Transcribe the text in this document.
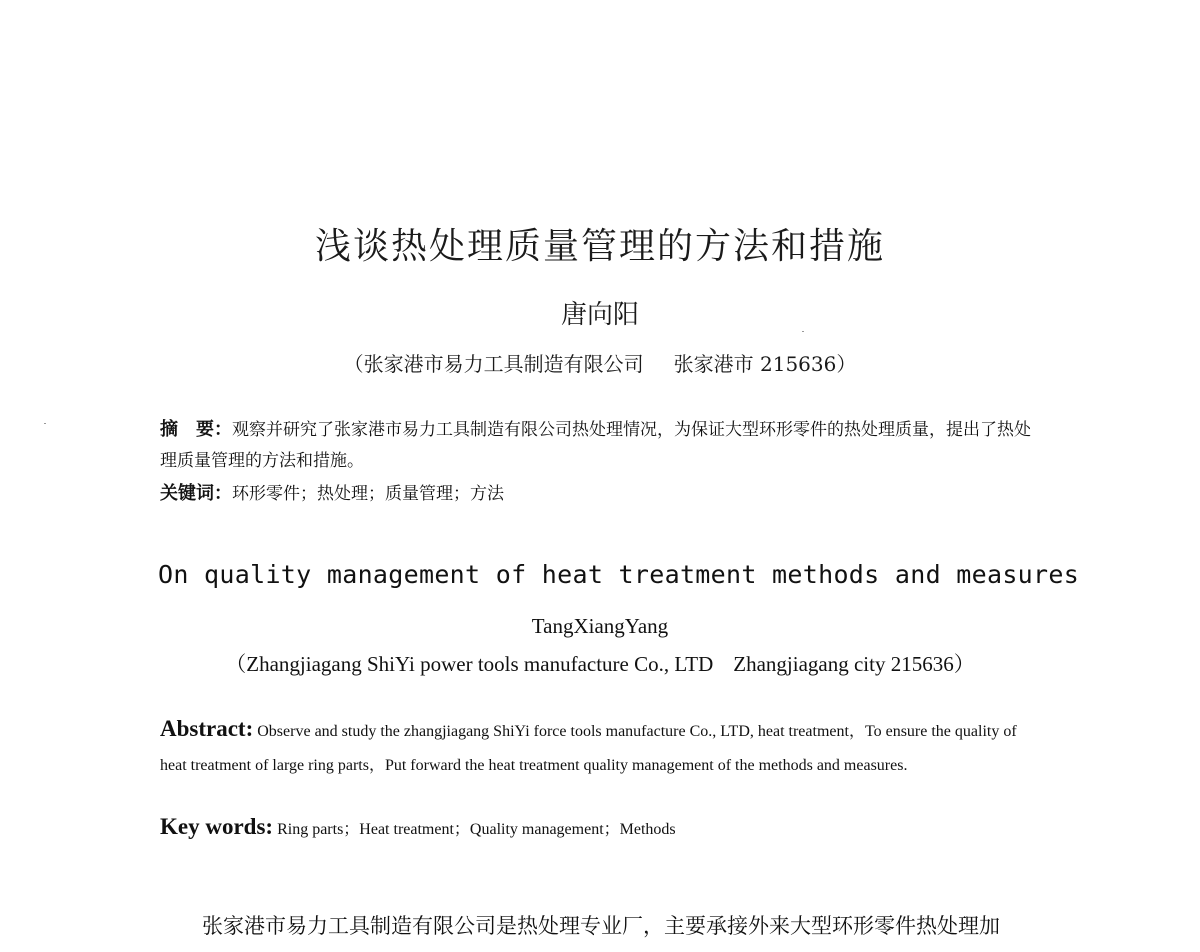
浅谈热处理质量管理的方法和措施
唐向阳
（张家港市易力工具制造有限公司 张家港市 215636）
摘　要：观察并研究了张家港市易力工具制造有限公司热处理情况，为保证大型环形零件的热处理质量，提出了热处理质量管理的方法和措施。
关键词：环形零件；热处理；质量管理；方法
On quality management of heat treatment methods and measures
TangXiangYang
（Zhangjiagang ShiYi power tools manufacture Co., LTD Zhangjiagang city 215636）
Abstract: Observe and study the zhangjiagang ShiYi force tools manufacture Co., LTD, heat treatment，To ensure the quality of heat treatment of large ring parts，Put forward the heat treatment quality management of the methods and measures.
Key words: Ring parts；Heat treatment；Quality management；Methods
张家港市易力工具制造有限公司是热处理专业厂，主要承接外来大型环形零件热处理加
